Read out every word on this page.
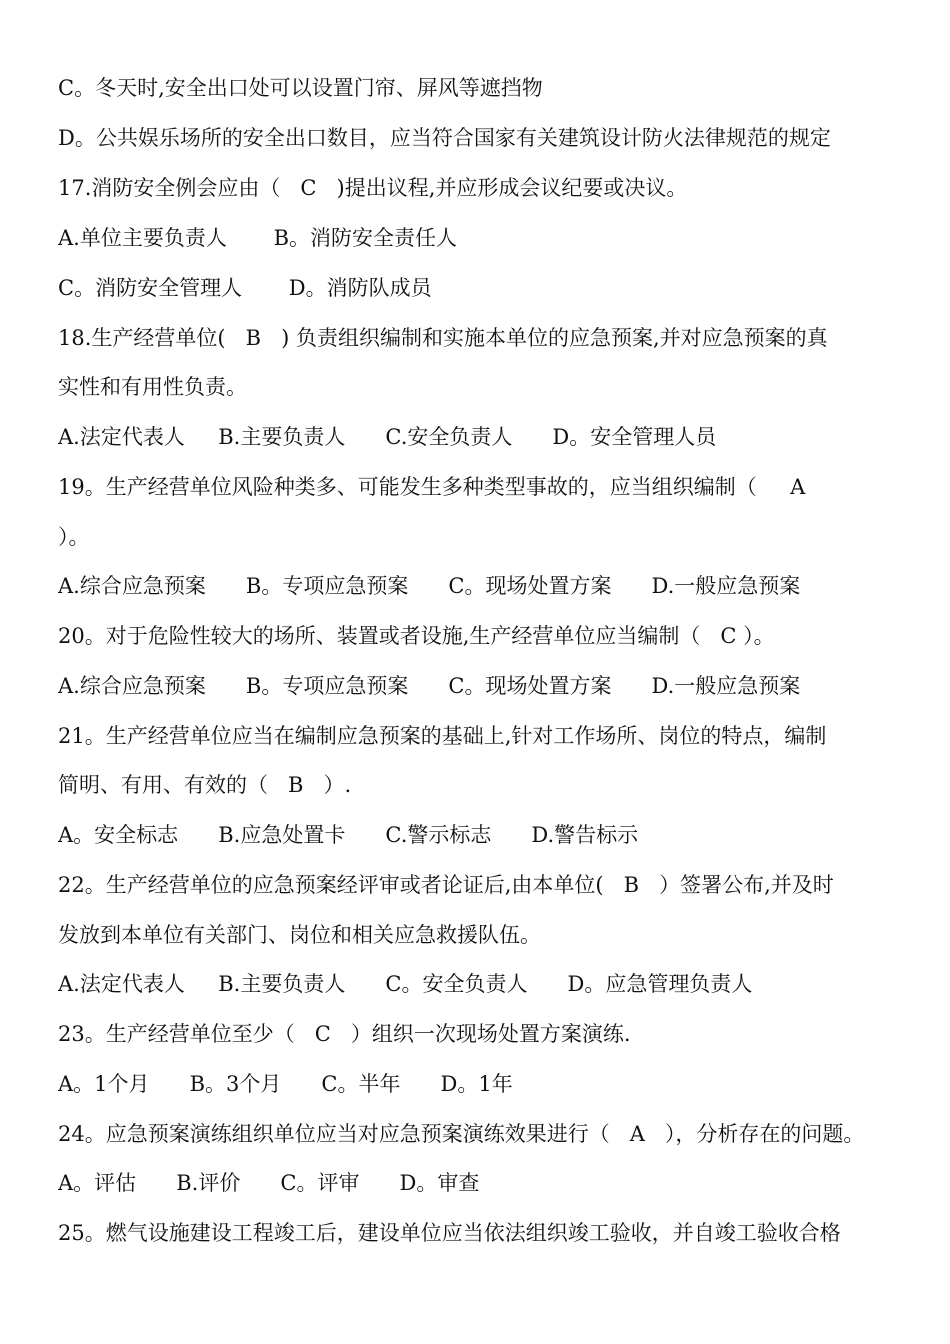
C。冬天时,安全出口处可以设置门帘、屏风等遮挡物
D。公共娱乐场所的安全出口数目，应当符合国家有关建筑设计防火法律规范的规定
17.消防安全例会应由（   C   )提出议程,并应形成会议纪要或决议。
A.单位主要负责人       B。消防安全责任人
C。消防安全管理人       D。消防队成员
18.生产经营单位(   B   ) 负责组织编制和实施本单位的应急预案,并对应急预案的真
实性和有用性负责。
A.法定代表人     B.主要负责人      C.安全负责人      D。安全管理人员
19。生产经营单位风险种类多、可能发生多种类型事故的，应当组织编制（     A
）。
A.综合应急预案      B。专项应急预案      C。现场处置方案      D.一般应急预案
20。对于危险性较大的场所、装置或者设施,生产经营单位应当编制（   C ）。
A.综合应急预案      B。专项应急预案      C。现场处置方案      D.一般应急预案
21。生产经营单位应当在编制应急预案的基础上,针对工作场所、岗位的特点，编制
简明、有用、有效的（   B   ）.
A。安全标志      B.应急处置卡      C.警示标志      D.警告标示
22。生产经营单位的应急预案经评审或者论证后,由本单位(   B   ）签署公布,并及时
发放到本单位有关部门、岗位和相关应急救援队伍。
A.法定代表人     B.主要负责人      C。安全负责人      D。应急管理负责人
23。生产经营单位至少（   C   ）组织一次现场处置方案演练.
A。1个月      B。3个月      C。半年      D。1年
24。应急预案演练组织单位应当对应急预案演练效果进行（   A   ），分析存在的问题。
A。评估      B.评价      C。评审      D。审查
25。燃气设施建设工程竣工后，建设单位应当依法组织竣工验收，并自竣工验收合格
